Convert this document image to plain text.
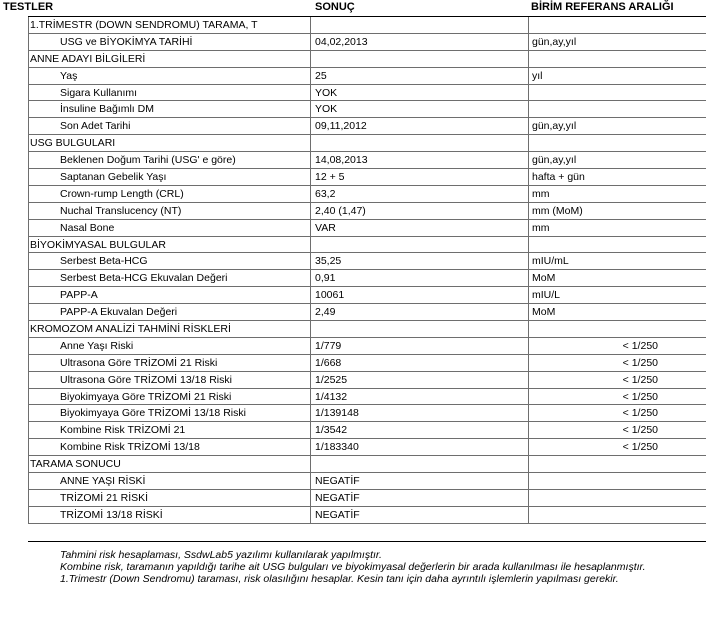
TESTLER	SONUÇ	BİRİM REFERANS ARALIĞI
1.TRİMESTR (DOWN SENDROMU) TARAMA, T
USG ve BİYOKİMYA TARİHİ	04,02,2013	gün,ay,yıl
ANNE ADAYI BİLGİLERİ
Yaş	25	yıl
Sigara Kullanımı	YOK
İnsuline Bağımlı DM	YOK
Son Adet Tarihi	09,11,2012	gün,ay,yıl
USG BULGULARI
Beklenen Doğum Tarihi (USG' e göre)	14,08,2013	gün,ay,yıl
Saptanan Gebelik Yaşı	12 + 5	hafta + gün
Crown-rump Length (CRL)	63,2	mm
Nuchal Translucency (NT)	2,40 (1,47)	mm (MoM)
Nasal Bone	VAR	mm
BİYOKİMYASAL BULGULAR
Serbest Beta-HCG	35,25	mIU/mL
Serbest Beta-HCG Ekuvalan Değeri	0,91	MoM
PAPP-A	10061	mIU/L
PAPP-A Ekuvalan Değeri	2,49	MoM
KROMOZOM ANALİZİ TAHMİNİ RİSKLERİ
Anne Yaşı Riski	1/779	< 1/250
Ultrasona Göre TRİZOMİ 21 Riski	1/668	< 1/250
Ultrasona Göre TRİZOMİ 13/18 Riski	1/2525	< 1/250
Biyokimyaya Göre TRİZOMİ 21 Riski	1/4132	< 1/250
Biyokimyaya Göre TRİZOMİ 13/18 Riski	1/139148	< 1/250
Kombine Risk TRİZOMİ 21	1/3542	< 1/250
Kombine Risk TRİZOMİ 13/18	1/183340	< 1/250
TARAMA SONUCU
ANNE YAŞI RİSKİ	NEGATİF
TRİZOMİ 21 RİSKİ	NEGATİF
TRİZOMİ 13/18 RİSKİ	NEGATİF

Tahmini risk hesaplaması, SsdwLab5 yazılımı kullanılarak yapılmıştır.

Kombine risk, taramanın yapıldığı tarihe ait USG bulguları ve biyokimyasal değerlerin bir arada kullanılması ile hesaplanmıştır.

1.Trimestr (Down Sendromu) taraması, risk olasılığını hesaplar. Kesin tanı için daha ayrıntılı işlemlerin yapılması gerekir.
